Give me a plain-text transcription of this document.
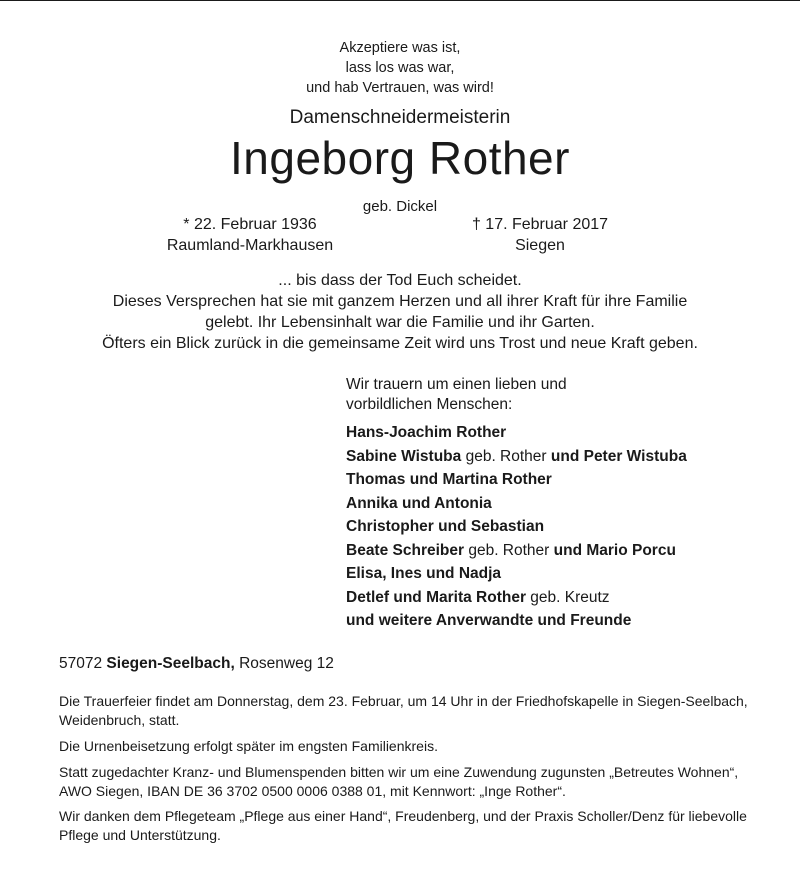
Akzeptiere was ist,
lass los was war,
und hab Vertrauen, was wird!
Damenschneidermeisterin
Ingeborg Rother
geb. Dickel
* 22. Februar 1936
Raumland-Markhausen
† 17. Februar 2017
Siegen
... bis dass der Tod Euch scheidet.
Dieses Versprechen hat sie mit ganzem Herzen und all ihrer Kraft für ihre Familie
gelebt. Ihr Lebensinhalt war die Familie und ihr Garten.
Öfters ein Blick zurück in die gemeinsame Zeit wird uns Trost und neue Kraft geben.
Wir trauern um einen lieben und
vorbildlichen Menschen:
Hans-Joachim Rother
Sabine Wistuba geb. Rother und Peter Wistuba
Thomas und Martina Rother
Annika und Antonia
Christopher und Sebastian
Beate Schreiber geb. Rother und Mario Porcu
Elisa, Ines und Nadja
Detlef und Marita Rother geb. Kreutz
und weitere Anverwandte und Freunde
57072 Siegen-Seelbach, Rosenweg 12
Die Trauerfeier findet am Donnerstag, dem 23. Februar, um 14 Uhr in der Friedhofskapelle in Siegen-Seelbach, Weidenbruch, statt.
Die Urnenbeisetzung erfolgt später im engsten Familienkreis.
Statt zugedachter Kranz- und Blumenspenden bitten wir um eine Zuwendung zugunsten „Betreutes Wohnen“, AWO Siegen, IBAN DE 36 3702 0500 0006 0388 01, mit Kennwort: „Inge Rother“.
Wir danken dem Pflegeteam „Pflege aus einer Hand“, Freudenberg, und der Praxis Scholler/Denz für liebevolle Pflege und Unterstützung.
